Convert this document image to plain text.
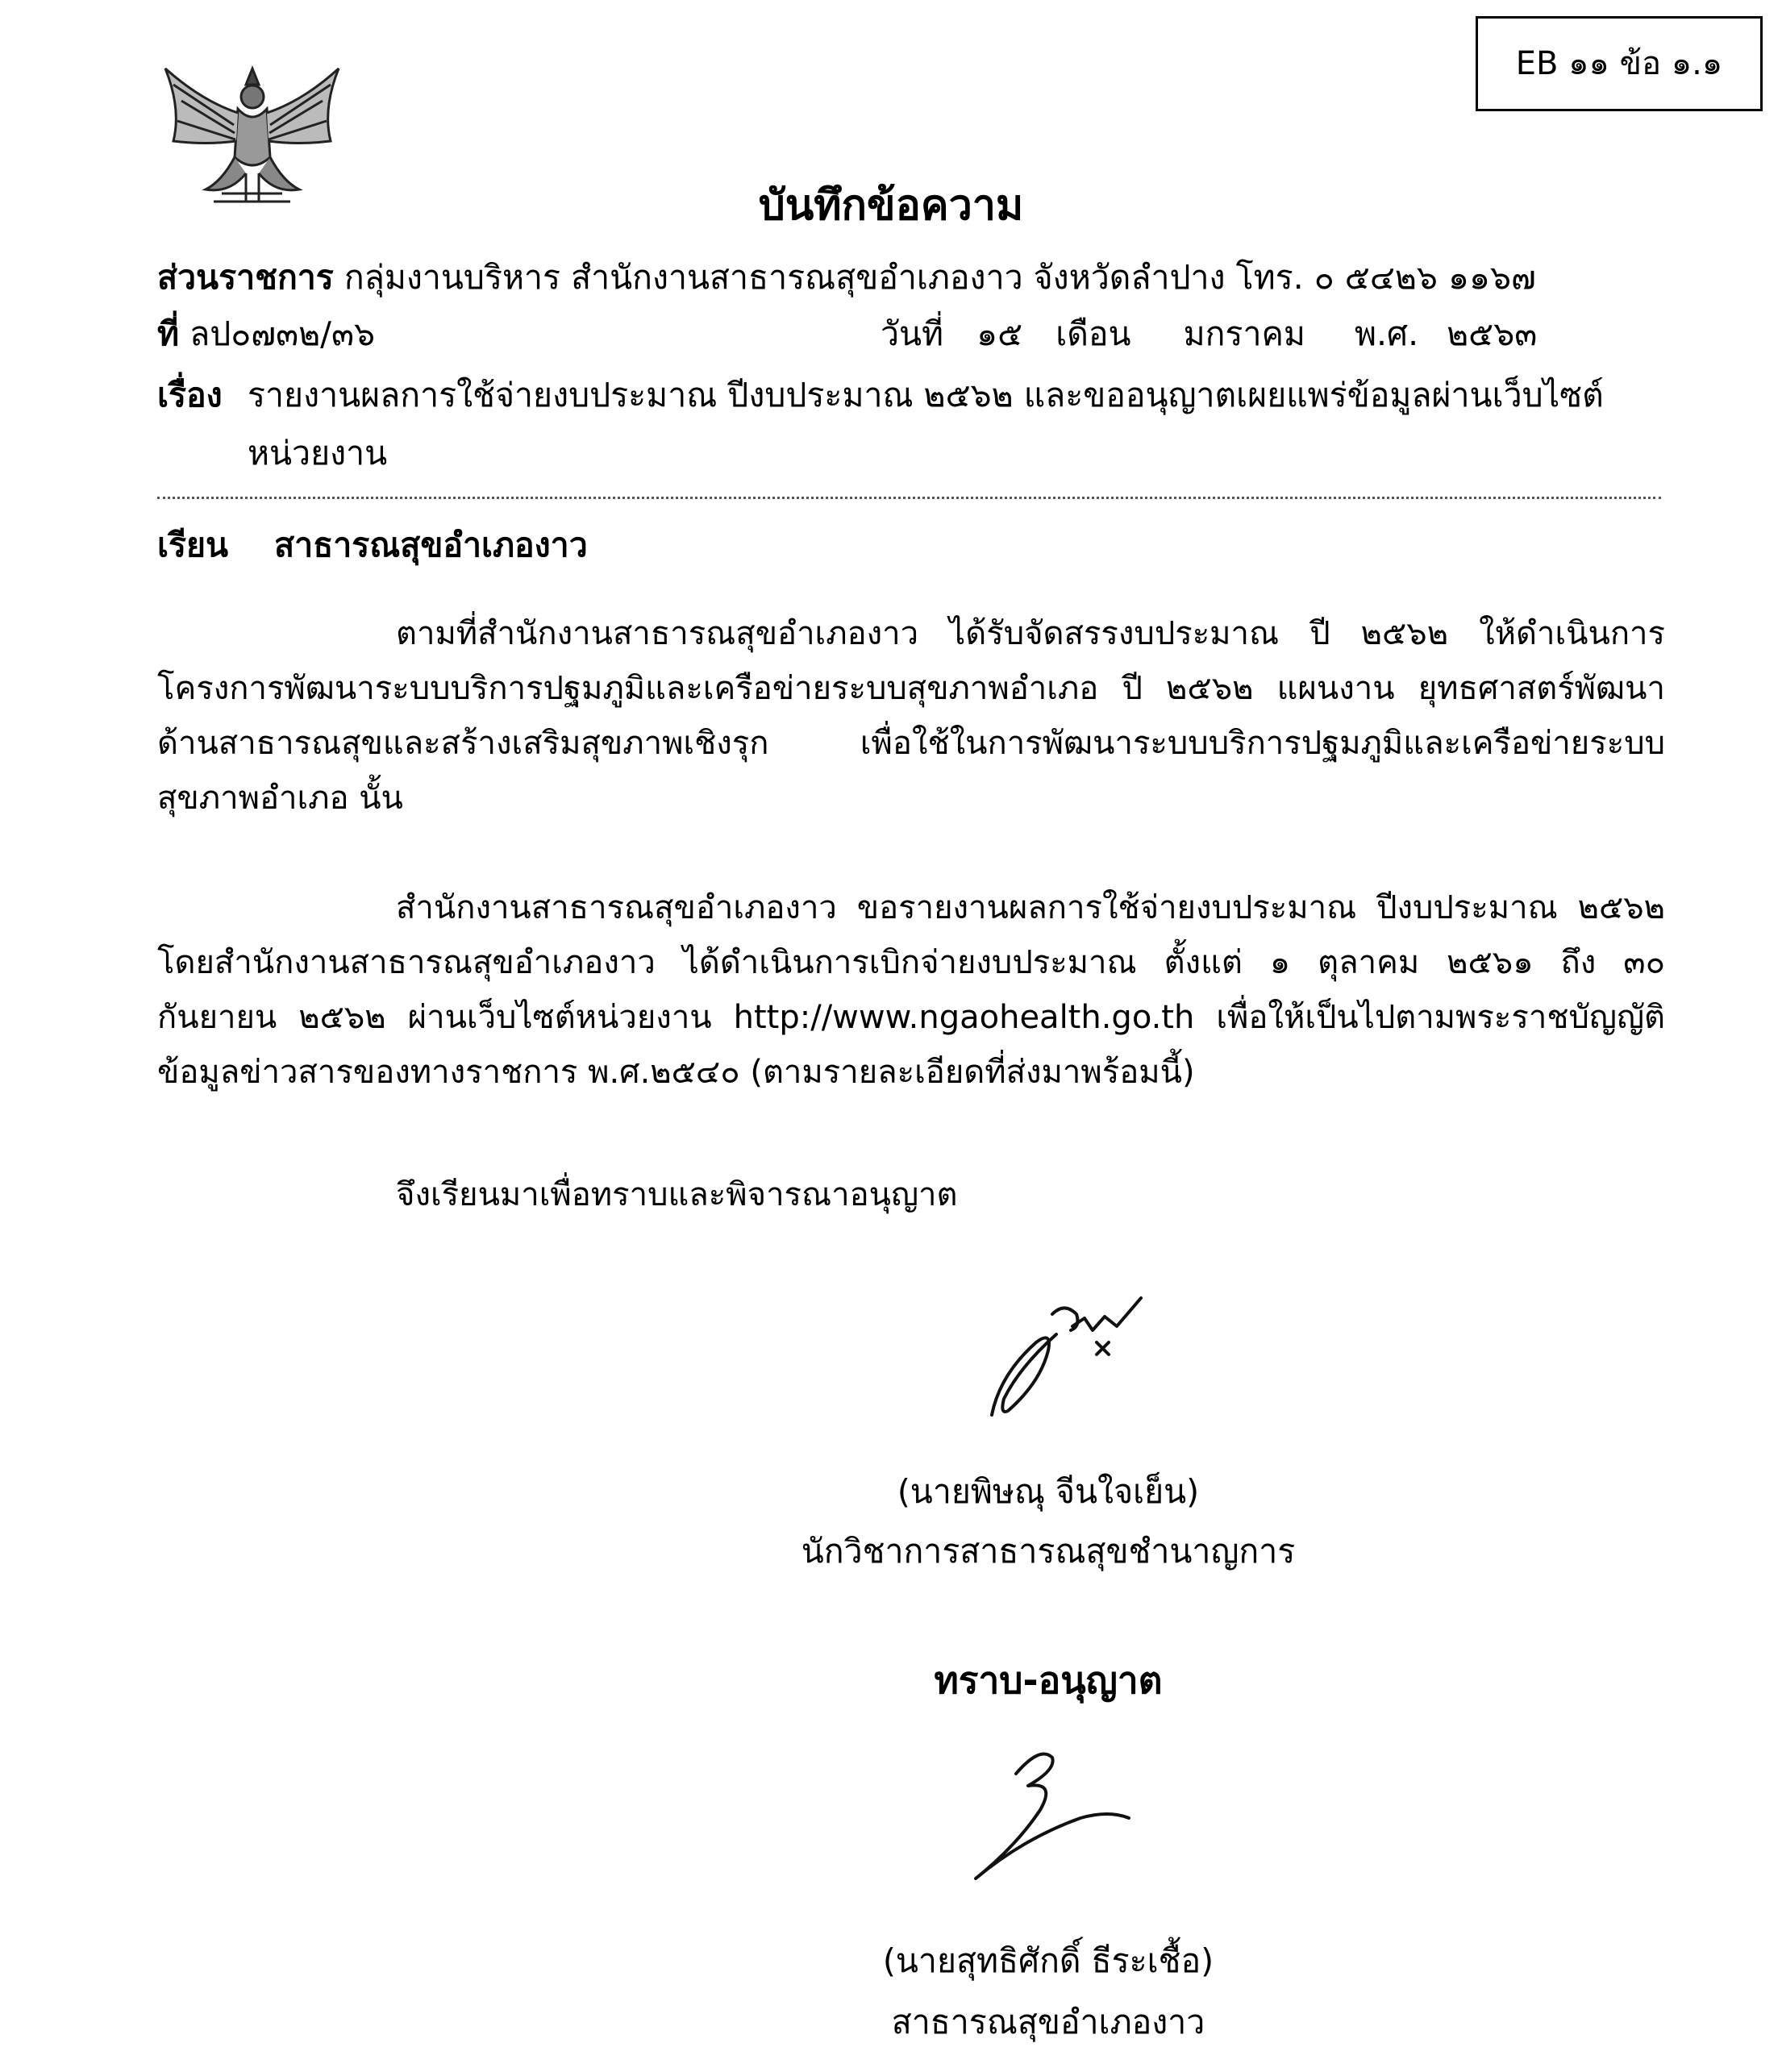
EB ๑๑ ข้อ ๑.๑
บันทึกข้อความ
ส่วนราชการ กลุ่มงานบริหาร สำนักงานสาธารณสุขอำเภองาว จังหวัดลำปาง โทร. ๐ ๕๔๒๖ ๑๑๖๗
ที่ ลป๐๗๓๒/๓๖	วันที่ ๑๕ เดือน มกราคม พ.ศ. ๒๕๖๓
เรื่อง รายงานผลการใช้จ่ายงบประมาณ ปีงบประมาณ ๒๕๖๒ และขออนุญาตเผยแพร่ข้อมูลผ่านเว็บไซต์
หน่วยงาน
เรียน สาธารณสุขอำเภองาว
ตามที่สำนักงานสาธารณสุขอำเภองาว ได้รับจัดสรรงบประมาณ ปี ๒๕๖๒ ให้ดำเนินการ โครงการพัฒนาระบบบริการปฐมภูมิและเครือข่ายระบบสุขภาพอำเภอ ปี ๒๕๖๒ แผนงาน ยุทธศาสตร์พัฒนาด้านสาธารณสุขและสร้างเสริมสุขภาพเชิงรุก เพื่อใช้ในการพัฒนาระบบบริการปฐมภูมิและเครือข่ายระบบสุขภาพอำเภอ นั้น
สำนักงานสาธารณสุขอำเภองาว ขอรายงานผลการใช้จ่ายงบประมาณ ปีงบประมาณ ๒๕๖๒ โดยสำนักงานสาธารณสุขอำเภองาว ได้ดำเนินการเบิกจ่ายงบประมาณ ตั้งแต่ ๑ ตุลาคม ๒๕๖๑ ถึง ๓๐ กันยายน ๒๕๖๒ ผ่านเว็บไซต์หน่วยงาน http://www.ngaohealth.go.th เพื่อให้เป็นไปตามพระราชบัญญัติข้อมูลข่าวสารของทางราชการ พ.ศ.๒๕๔๐ (ตามรายละเอียดที่ส่งมาพร้อมนี้)
จึงเรียนมาเพื่อทราบและพิจารณาอนุญาต
(นายพิษณุ จีนใจเย็น)
นักวิชาการสาธารณสุขชำนาญการ
ทราบ-อนุญาต
(นายสุทธิศักดิ์ ธีระเชื้อ)
สาธารณสุขอำเภองาว
